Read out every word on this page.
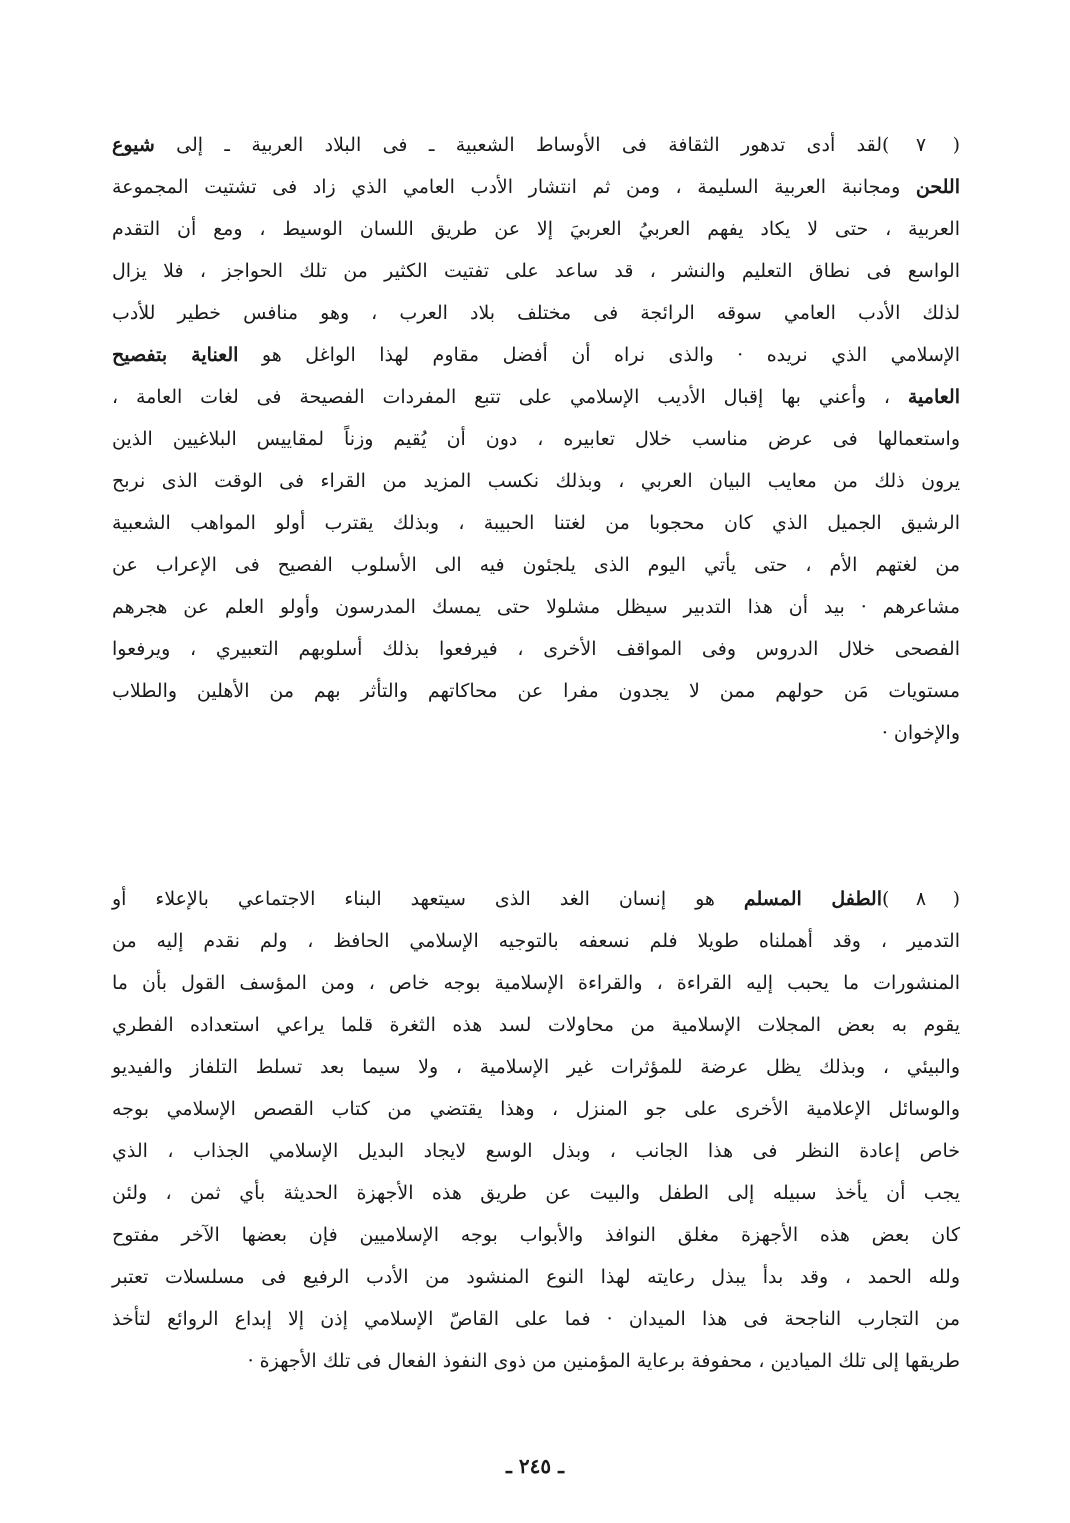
( ٧ )لقد أدى تدهور الثقافة فى الأوساط الشعبية ـ فى البلاد العربية ـ إلى شيوع
اللحن ومجانبة العربية السليمة ، ومن ثم انتشار الأدب العامي الذي زاد فى تشتيت المجموعة
العربية ، حتى لا يكاد يفهم العربيُ العربيَ إلا عن طريق اللسان الوسيط ، ومع أن التقدم
الواسع فى نطاق التعليم والنشر ، قد ساعد على تفتيت الكثير من تلك الحواجز ، فلا يزال
لذلك الأدب العامي سوقه الرائجة فى مختلف بلاد العرب ، وهو منافس خطير للأدب
الإسلامي الذي نريده · والذى نراه أن أفضل مقاوم لهذا الواغل هو العناية بتفصيح
العامية ، وأعني بها إقبال الأديب الإسلامي على تتبع المفردات الفصيحة فى لغات العامة ،
واستعمالها فى عرض مناسب خلال تعابيره ، دون أن يُقيم وزناً لمقاييس البلاغيين الذين
يرون ذلك من معايب البيان العربي ، وبذلك نكسب المزيد من القراء فى الوقت الذى نربح
الرشيق الجميل الذي كان محجوبا من لغتنا الحبيبة ، وبذلك يقترب أولو المواهب الشعبية
من لغتهم الأم ، حتى يأتي اليوم الذى يلجئون فيه الى الأسلوب الفصيح فى الإعراب عن
مشاعرهم · بيد أن هذا التدبير سيظل مشلولا حتى يمسك المدرسون وأولو العلم عن هجرهم
الفصحى خلال الدروس وفى المواقف الأخرى ، فيرفعوا بذلك أسلوبهم التعبيري ، ويرفعوا
مستويات مَن حولهم ممن لا يجدون مفرا عن محاكاتهم والتأثر بهم من الأهلين والطلاب
والإخوان ·
( ٨ )الطفل المسلم هو إنسان الغد الذى سيتعهد البناء الاجتماعي بالإعلاء أو
التدمير ، وقد أهملناه طويلا فلم نسعفه بالتوجيه الإسلامي الحافظ ، ولم نقدم إليه من
المنشورات ما يحبب إليه القراءة ، والقراءة الإسلامية بوجه خاص ، ومن المؤسف القول بأن ما
يقوم به بعض المجلات الإسلامية من محاولات لسد هذه الثغرة قلما يراعي استعداده الفطري
والبيئي ، وبذلك يظل عرضة للمؤثرات غير الإسلامية ، ولا سيما بعد تسلط التلفاز والفيديو
والوسائل الإعلامية الأخرى على جو المنزل ، وهذا يقتضي من كتاب القصص الإسلامي بوجه
خاص إعادة النظر فى هذا الجانب ، وبذل الوسع لايجاد البديل الإسلامي الجذاب ، الذي
يجب أن يأخذ سبيله إلى الطفل والبيت عن طريق هذه الأجهزة الحديثة بأي ثمن ، ولئن
كان بعض هذه الأجهزة مغلق النوافذ والأبواب بوجه الإسلاميين فإن بعضها الآخر مفتوح
ولله الحمد ، وقد بدأ يبذل رعايته لهذا النوع المنشود من الأدب الرفيع فى مسلسلات تعتبر
من التجارب الناجحة فى هذا الميدان · فما على القاصّ الإسلامي إذن إلا إبداع الروائع لتأخذ
طريقها إلى تلك الميادين ، محفوفة برعاية المؤمنين من ذوى النفوذ الفعال فى تلك الأجهزة ·
ـ ٢٤٥ ـ
